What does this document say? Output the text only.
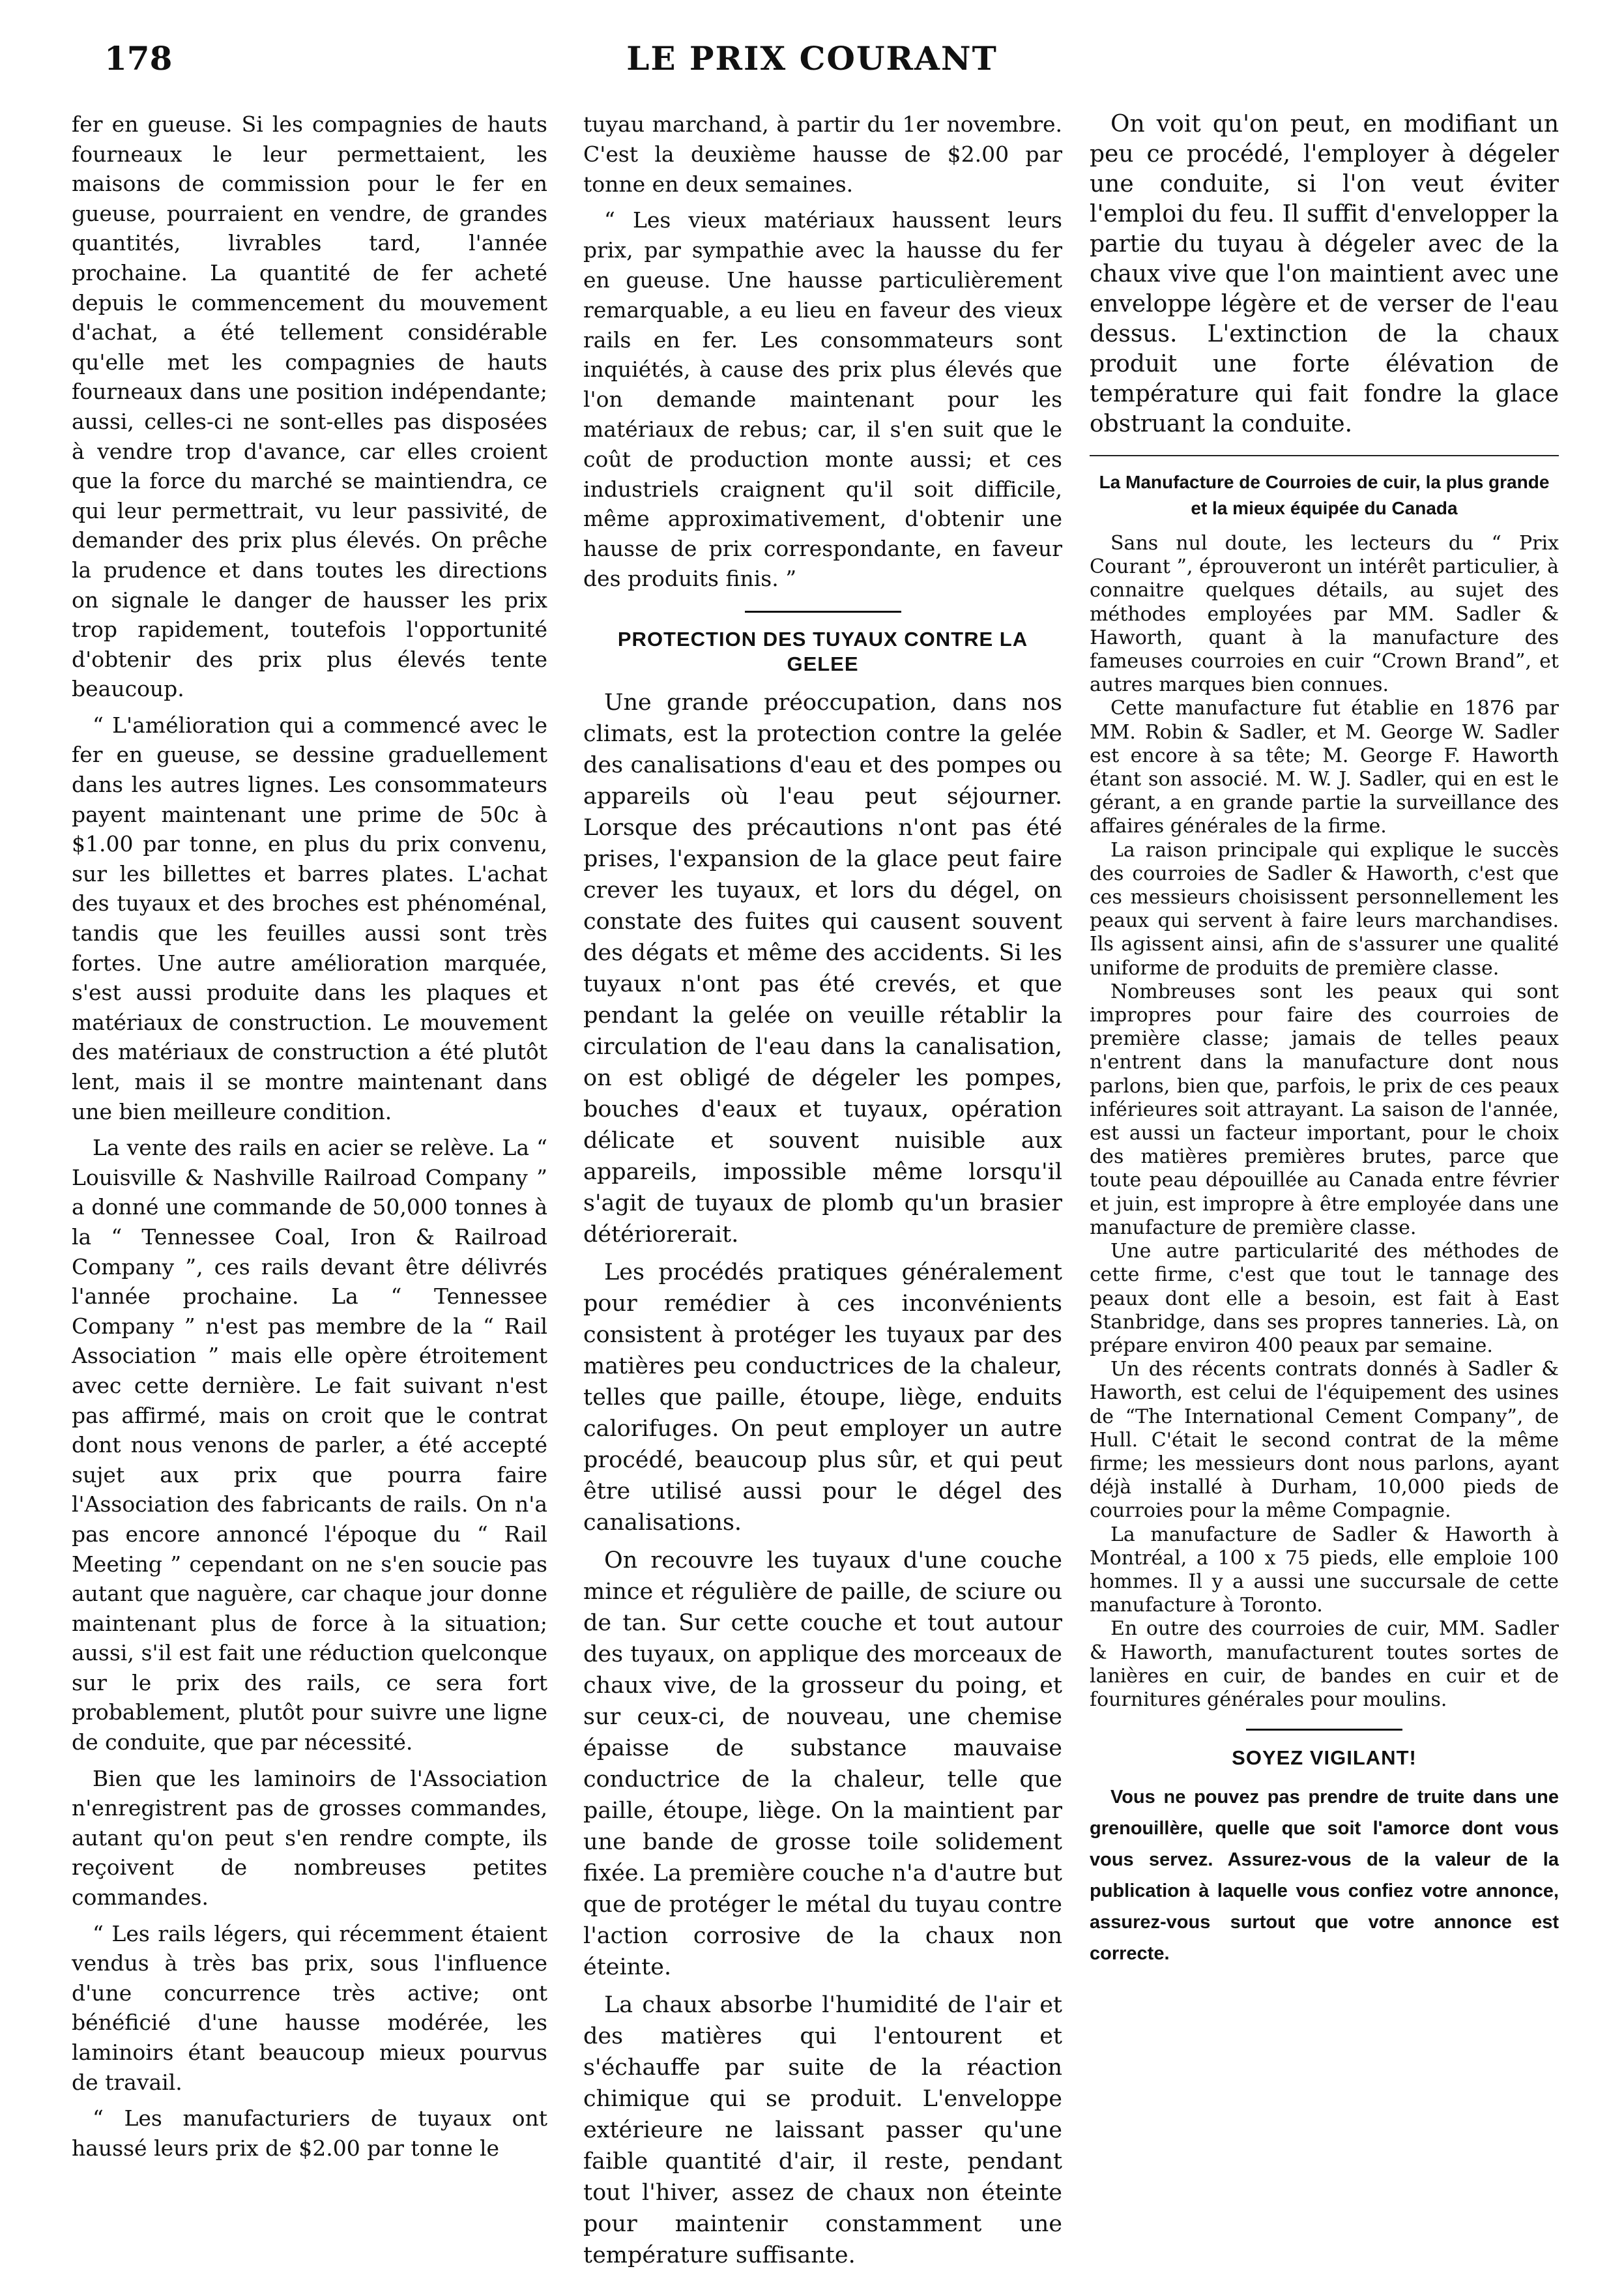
178	LE PRIX COURANT

fer en gueuse. Si les compagnies de hauts fourneaux le leur permettaient, les maisons de commission pour le fer en gueuse, pourraient en vendre, de grandes quantités, livrables tard, l'année prochaine. La quantité de fer acheté depuis le commencement du mouvement d'achat, a été tellement considérable qu'elle met les compagnies de hauts fourneaux dans une position indépendante; aussi, celles-ci ne sont-elles pas disposées à vendre trop d'avance, car elles croient que la force du marché se maintiendra, ce qui leur permettrait, vu leur passivité, de demander des prix plus élevés. On prêche la prudence et dans toutes les directions on signale le danger de hausser les prix trop rapidement, toutefois l'opportunité d'obtenir des prix plus élevés tente beaucoup.

“ L'amélioration qui a commencé avec le fer en gueuse, se dessine graduellement dans les autres lignes. Les consommateurs payent maintenant une prime de 50c à $1.00 par tonne, en plus du prix convenu, sur les billettes et barres plates. L'achat des tuyaux et des broches est phénoménal, tandis que les feuilles aussi sont très fortes. Une autre amélioration marquée, s'est aussi produite dans les plaques et matériaux de construction. Le mouvement des matériaux de construction a été plutôt lent, mais il se montre maintenant dans une bien meilleure condition.

La vente des rails en acier se relève. La “ Louisville & Nashville Railroad Company ” a donné une commande de 50,000 tonnes à la “ Tennessee Coal, Iron & Railroad Company ”, ces rails devant être délivrés l'année prochaine. La “ Tennessee Company ” n'est pas membre de la “ Rail Association ” mais elle opère étroitement avec cette dernière. Le fait suivant n'est pas affirmé, mais on croit que le contrat dont nous venons de parler, a été accepté sujet aux prix que pourra faire l'Association des fabricants de rails. On n'a pas encore annoncé l'époque du “ Rail Meeting ” cependant on ne s'en soucie pas autant que naguère, car chaque jour donne maintenant plus de force à la situation; aussi, s'il est fait une réduction quelconque sur le prix des rails, ce sera fort probablement, plutôt pour suivre une ligne de conduite, que par nécessité.

Bien que les laminoirs de l'Association n'enregistrent pas de grosses commandes, autant qu'on peut s'en rendre compte, ils reçoivent de nombreuses petites commandes.

“ Les rails légers, qui récemment étaient vendus à très bas prix, sous l'influence d'une concurrence très active; ont bénéficié d'une hausse modérée, les laminoirs étant beaucoup mieux pourvus de travail.

“ Les manufacturiers de tuyaux ont haussé leurs prix de $2.00 par tonne le

tuyau marchand, à partir du 1er novembre. C'est la deuxième hausse de $2.00 par tonne en deux semaines.

“ Les vieux matériaux haussent leurs prix, par sympathie avec la hausse du fer en gueuse. Une hausse particulièrement remarquable, a eu lieu en faveur des vieux rails en fer. Les consommateurs sont inquiétés, à cause des prix plus élevés que l'on demande maintenant pour les matériaux de rebus; car, il s'en suit que le coût de production monte aussi; et ces industriels craignent qu'il soit difficile, même approximativement, d'obtenir une hausse de prix correspondante, en faveur des produits finis. ”

PROTECTION DES TUYAUX CONTRE LA GELEE

Une grande préoccupation, dans nos climats, est la protection contre la gelée des canalisations d'eau et des pompes ou appareils où l'eau peut séjourner. Lorsque des précautions n'ont pas été prises, l'expansion de la glace peut faire crever les tuyaux, et lors du dégel, on constate des fuites qui causent souvent des dégats et même des accidents. Si les tuyaux n'ont pas été crevés, et que pendant la gelée on veuille rétablir la circulation de l'eau dans la canalisation, on est obligé de dégeler les pompes, bouches d'eaux et tuyaux, opération délicate et souvent nuisible aux appareils, impossible même lorsqu'il s'agit de tuyaux de plomb qu'un brasier détériorerait.

Les procédés pratiques généralement pour remédier à ces inconvénients consistent à protéger les tuyaux par des matières peu conductrices de la chaleur, telles que paille, étoupe, liège, enduits calorifuges. On peut employer un autre procédé, beaucoup plus sûr, et qui peut être utilisé aussi pour le dégel des canalisations.

On recouvre les tuyaux d'une couche mince et régulière de paille, de sciure ou de tan. Sur cette couche et tout autour des tuyaux, on applique des morceaux de chaux vive, de la grosseur du poing, et sur ceux-ci, de nouveau, une chemise épaisse de substance mauvaise conductrice de la chaleur, telle que paille, étoupe, liège. On la maintient par une bande de grosse toile solidement fixée. La première couche n'a d'autre but que de protéger le métal du tuyau contre l'action corrosive de la chaux non éteinte.

La chaux absorbe l'humidité de l'air et des matières qui l'entourent et s'échauffe par suite de la réaction chimique qui se produit. L'enveloppe extérieure ne laissant passer qu'une faible quantité d'air, il reste, pendant tout l'hiver, assez de chaux non éteinte pour maintenir constamment une température suffisante.

On voit qu'on peut, en modifiant un peu ce procédé, l'employer à dégeler une conduite, si l'on veut éviter l'emploi du feu. Il suffit d'envelopper la partie du tuyau à dégeler avec de la chaux vive que l'on maintient avec une enveloppe légère et de verser de l'eau dessus. L'extinction de la chaux produit une forte élévation de température qui fait fondre la glace obstruant la conduite.

La Manufacture de Courroies de cuir, la plus grande et la mieux équipée du Canada

Sans nul doute, les lecteurs du “ Prix Courant ”, éprouveront un intérêt particulier, à connaitre quelques détails, au sujet des méthodes employées par MM. Sadler & Haworth, quant à la manufacture des fameuses courroies en cuir “Crown Brand”, et autres marques bien connues.

Cette manufacture fut établie en 1876 par MM. Robin & Sadler, et M. George W. Sadler est encore à sa tête; M. George F. Haworth étant son associé. M. W. J. Sadler, qui en est le gérant, a en grande partie la surveillance des affaires générales de la firme.

La raison principale qui explique le succès des courroies de Sadler & Haworth, c'est que ces messieurs choisissent personnellement les peaux qui servent à faire leurs marchandises. Ils agissent ainsi, afin de s'assurer une qualité uniforme de produits de première classe.

Nombreuses sont les peaux qui sont impropres pour faire des courroies de première classe; jamais de telles peaux n'entrent dans la manufacture dont nous parlons, bien que, parfois, le prix de ces peaux inférieures soit attrayant. La saison de l'année, est aussi un facteur important, pour le choix des matières premières brutes, parce que toute peau dépouillée au Canada entre février et juin, est impropre à être employée dans une manufacture de première classe.

Une autre particularité des méthodes de cette firme, c'est que tout le tannage des peaux dont elle a besoin, est fait à East Stanbridge, dans ses propres tanneries. Là, on prépare environ 400 peaux par semaine.

Un des récents contrats donnés à Sadler & Haworth, est celui de l'équipement des usines de “The International Cement Company”, de Hull. C'était le second contrat de la même firme; les messieurs dont nous parlons, ayant déjà installé à Durham, 10,000 pieds de courroies pour la même Compagnie.

La manufacture de Sadler & Haworth à Montréal, a 100 x 75 pieds, elle emploie 100 hommes. Il y a aussi une succursale de cette manufacture à Toronto.

En outre des courroies de cuir, MM. Sadler & Haworth, manufacturent toutes sortes de lanières en cuir, de bandes en cuir et de fournitures générales pour moulins.

SOYEZ VIGILANT!

Vous ne pouvez pas prendre de truite dans une grenouillère, quelle que soit l'amorce dont vous vous servez. Assurez-vous de la valeur de la publication à laquelle vous confiez votre annonce, assurez-vous surtout que votre annonce est correcte.
